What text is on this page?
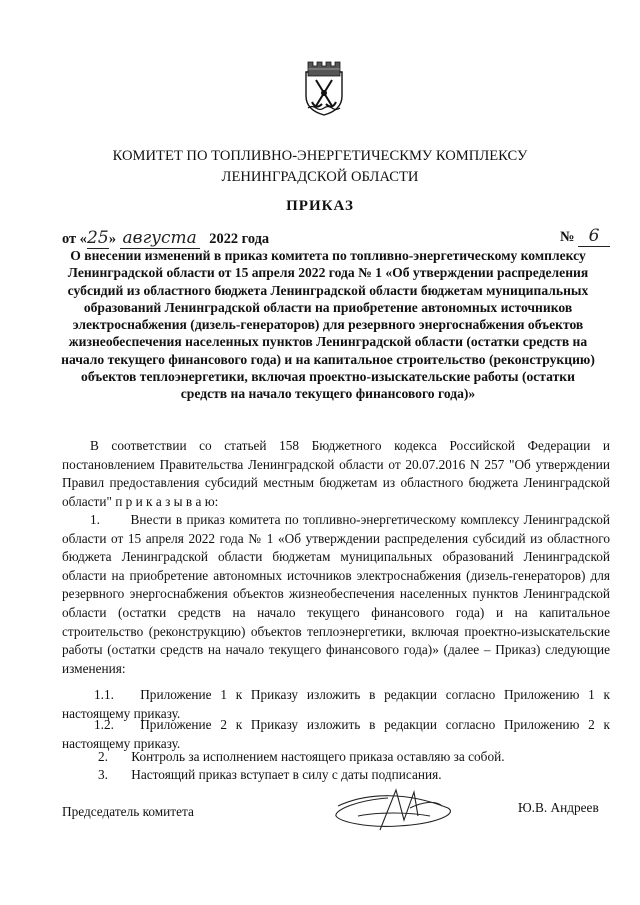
КОМИТЕТ ПО ТОПЛИВНО-ЭНЕРГЕТИЧЕСКМУ КОМПЛЕКСУ
ЛЕНИНГРАДСКОЙ ОБЛАСТИ
ПРИКАЗ
от «25» августа 2022 года	№ 6
О внесении изменений в приказ комитета по топливно-энергетическому комплексу Ленинградской области от 15 апреля 2022 года № 1 «Об утверждении распределения субсидий из областного бюджета Ленинградской области бюджетам муниципальных образований Ленинградской области на приобретение автономных источников электроснабжения (дизель-генераторов) для резервного энергоснабжения объектов жизнеобеспечения населенных пунктов Ленинградской области (остатки средств на начало текущего финансового года) и на капитальное строительство (реконструкцию) объектов теплоэнергетики, включая проектно-изыскательские работы (остатки средств на начало текущего финансового года)»

В соответствии со статьей 158 Бюджетного кодекса Российской Федерации и постановлением Правительства Ленинградской области от 20.07.2016 N 257 "Об утверждении Правил предоставления субсидий местным бюджетам из областного бюджета Ленинградской области" п р и к а з ы в а ю:

1. Внести в приказ комитета по топливно-энергетическому комплексу Ленинградской области от 15 апреля 2022 года № 1 «Об утверждении распределения субсидий из областного бюджета Ленинградской области бюджетам муниципальных образований Ленинградской области на приобретение автономных источников электроснабжения (дизель-генераторов) для резервного энергоснабжения объектов жизнеобеспечения населенных пунктов Ленинградской области (остатки средств на начало текущего финансового года) и на капитальное строительство (реконструкцию) объектов теплоэнергетики, включая проектно-изыскательские работы (остатки средств на начало текущего финансового года)» (далее – Приказ) следующие изменения:

1.1. Приложение 1 к Приказу изложить в редакции согласно Приложению 1 к настоящему приказу.

1.2. Приложение 2 к Приказу изложить в редакции согласно Приложению 2 к настоящему приказу.

2. Контроль за исполнением настоящего приказа оставляю за собой.

3. Настоящий приказ вступает в силу с даты подписания.

Председатель комитета	Ю.В. Андреев
